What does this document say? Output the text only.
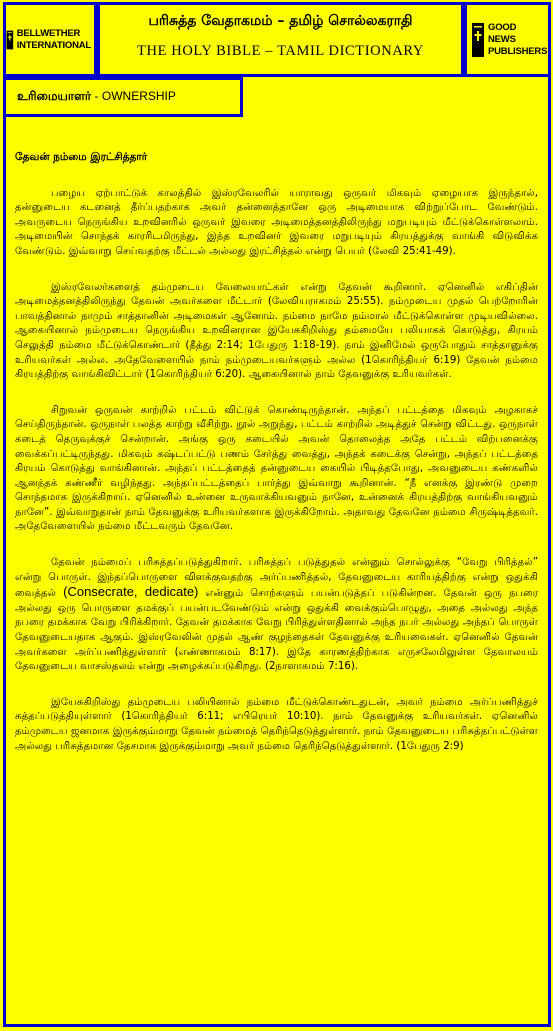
BELLWETHER INTERNATIONAL
பரிசுத்த வேதாகமம் – தமிழ் சொல்லகராதி
THE HOLY BIBLE – TAMIL DICTIONARY
GOOD NEWS PUBLISHERS
உரிமையாளர் - OWNERSHIP
தேவன் நம்மை இரட்சித்தார்

பழைய ஏற்பாட்டுக் காலத்தில் இஸ்ரவேலரில் யாராவது ஒருவர் மிகவும் ஏழையாக இருந்தால், தன்னுடைய கடனைத் தீர்ப்பதற்காக அவர் தன்னைத்தானே ஒரு அடிமையாக விற்றுப்போட வேண்டும். அவருடைய நெருங்கிய உறவினரில் ஒருவர் இவரை அடிமைத்தனத்திலிருந்து மறுபடியும் மீட்டுக்கொள்ளலாம். அடிமையின் சொந்தக் காரரிடமிருந்து, இந்த உறவினர் இவரை மறுபடியும் கிரயத்துக்கு வாங்கி விடுவிக்க வேண்டும். இவ்வாறு செய்வதற்கு மீட்டல் அல்லது இரட்சித்தல் என்று பெயர் (லேவி 25:41-49).

இஸ்ரவேலர்களைத் தம்முடைய வேலையாட்கள் என்று தேவன் கூறினார். ஏனெனில் எகிப்தின் அடிமைத்தனத்திலிருந்து தேவன் அவர்களை மீட்டார் (லேவியராகமம் 25:55). நம்முடைய முதல் பெற்றோரின் பாவத்தினால் நாமும் சாத்தானின் அடிமைகள் ஆனோம். நம்மை நாமே நம்மால் மீட்டுக்கொள்ள முடியவில்லை. ஆகையினால் நம்முடைய நெருங்கிய உறவினரான இயேசுகிறிஸ்து தம்மையே பலியாகக் கொடுத்து, கிரயம் செலுத்தி நம்மை மீட்டுக்கொண்டார் (தீத்து 2:14; 1பேதுரு 1:18-19). நாம் இனிமேல் ஒருபோதும் சாத்தானுக்கு உரியவர்கள் அல்ல. அதேவேளையில் நாம் நம்முடையவர்களும் அல்ல (1கொரிந்தியர் 6:19) தேவன் நம்மை கிரயத்திற்கு வாங்கிவிட்டார் (1கொரிந்தியர் 6:20). ஆகையினால் நாம் தேவனுக்கு உரியவர்கள்.

சிறுவன் ஒருவன் காற்றில் பட்டம் விட்டுக் கொண்டிருந்தான். அந்தப் பட்டத்தை மிகவும் அழகாகச் செய்திருந்தான். ஒருநாள் பலத்த காற்று வீசிற்று. நூல் அறுந்து, பட்டம் காற்றில் அடித்துச் சென்று விட்டது. ஒருநாள் கடைத் தெருவுக்குச் சென்றான். அங்கு ஒரு கடையில் அவன் தொலைத்த அதே பட்டம் விற்பனைக்கு வைக்கப்பட்டிருந்தது. மிகவும் கஷ்டப்பட்டு பணம் சேர்த்து வைத்து, அந்தக் கடைக்கு சென்று, அந்தப் பட்டத்தை கிரயம் கொடுத்து வாங்கினான். அந்தப் பட்டத்தைத் தன்னுடைய கையில் பிடித்தபோது, அவனுடைய கண்களில் ஆனந்தக் கண்ணீர் வழிந்தது. அந்தப்பட்டத்தைப் பார்த்து இவ்வாறு கூறினான். “நீ எனக்கு இரண்டு முறை சொந்தமாக இருக்கிறாய். ஏனெனில் உன்னை உருவாக்கியவனும் நானே, உன்னைக் கிரயத்திற்கு வாங்கியவனும் நானே”. இவ்வாறுதான் நாம் தேவனுக்கு உரியவர்களாக இருக்கிறோம். அதாவது தேவனே நம்மை சிருஷ்டித்தவர். அதேவேளையில் நம்மை மீட்டவரும் தேவனே.

தேவன் நம்மைப் பரிசுத்தப்படுத்துகிறார். பரிசுத்தப் படுத்துதல் என்னும் சொல்லுக்கு “வேறு பிரித்தல்” என்று பொருள். இந்தப்பொருளை விளக்குவதற்கு அர்ப்பணித்தல், தேவனுடைய காரியத்திற்கு என்று ஒதுக்கி வைத்தல் (Consecrate, dedicate) என்னும் சொற்களும் பயன்படுத்தப் படுகின்றன. தேவன் ஒரு நபரை அல்லது ஒரு பொருளை தமக்குப் பயன்படவேண்டும் என்று ஒதுக்கி வைக்கும்பொழுது, அதை அல்லது அந்த நபரை தமக்காக வேறு பிரிக்கிறார். தேவன் தமக்காக வேறு பிரித்துள்ளதினால் அந்த நபர் அல்லது அந்தப் பொருள் தேவனுடையதாக ஆகும். இஸ்ரவேலின் முதல் ஆண் குழந்தைகள் தேவனுக்கு உரியவைகள். ஏனெனில் தேவன் அவர்களை அர்ப்பணித்துள்ளார் (எண்ணாகமம் 8:17). இதே காரணத்திற்காக எருசலேமிலுள்ள தேவாலயம் தேவனுடைய வாசஸ்தலம் என்று அழைக்கப்படுகிறது. (2நாளாகமம் 7:16).

இயேசுகிறிஸ்து தம்முடைய பலியினால் நம்மை மீட்டுக்கொண்டதுடன், அவர் நம்மை அர்ப்பணித்துச் சுத்தப்படுத்தியுள்ளார் (1கொரிந்தியர் 6:11; எபிரெயர் 10:10). நாம் தேவனுக்கு உரியவர்கள். ஏனெனில் தம்முடைய ஜனமாக இருக்கும்மாறு தேவன் நம்மைத் தெரிந்தெடுத்துள்ளார். நாம் தேவனுடைய பரிசுத்தப்பட்டுள்ள அல்லது பரிசுத்தமான தேசமாக இருக்கும்மாறு அவர் நம்மை தெரிந்தெடுத்துள்ளார். (1பேதுரு 2:9)
